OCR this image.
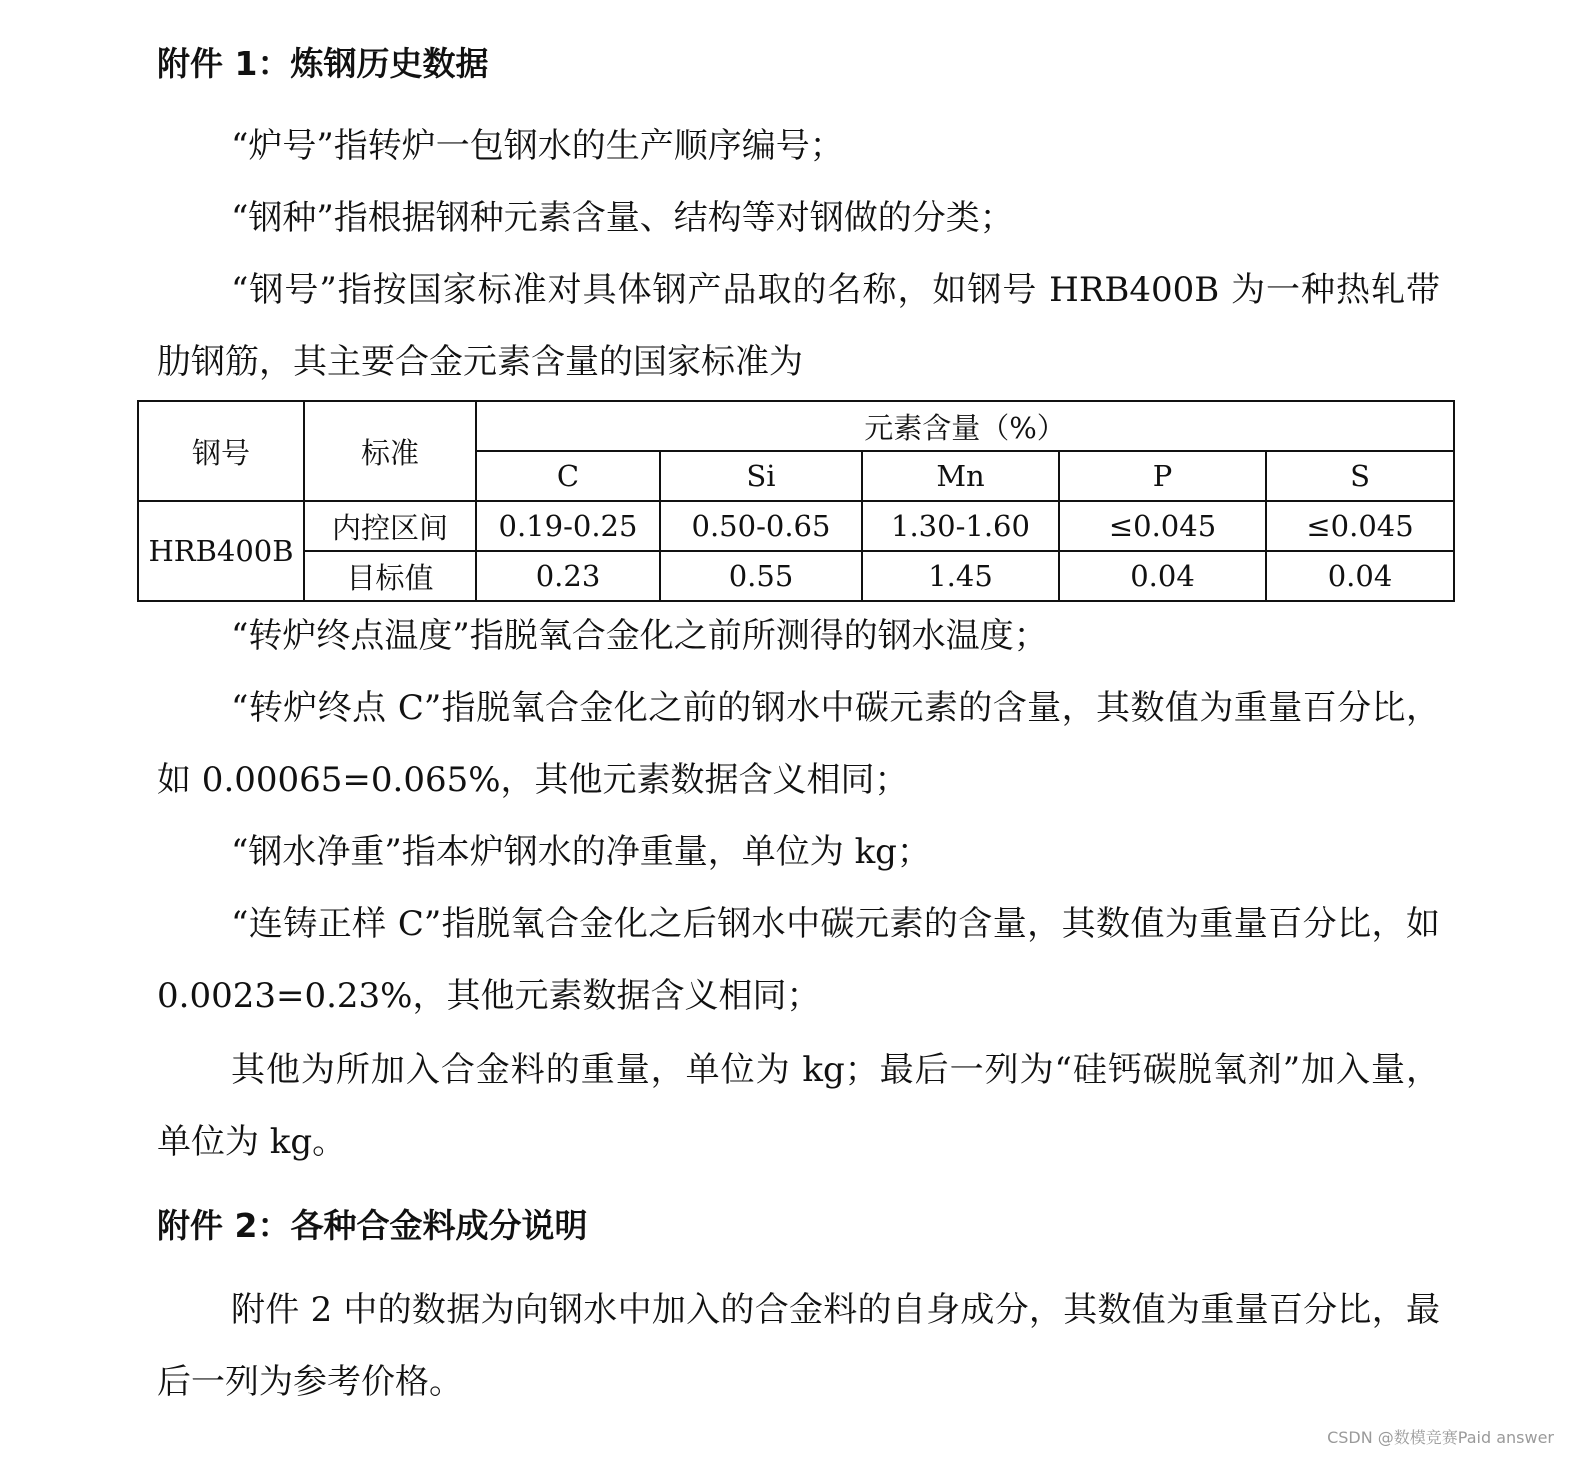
附件 1：炼钢历史数据
“炉号”指转炉一包钢水的生产顺序编号；
“钢种”指根据钢种元素含量、结构等对钢做的分类；
“钢号”指按国家标准对具体钢产品取的名称，如钢号 HRB400B 为一种热轧带肋钢筋，其主要合金元素含量的国家标准为
钢号	标准	元素含量（%）				
		C	Si	Mn	P	S
HRB400B	内控区间	0.19-0.25	0.50-0.65	1.30-1.60	≤0.045	≤0.045
	目标值	0.23	0.55	1.45	0.04	0.04
“转炉终点温度”指脱氧合金化之前所测得的钢水温度；
“转炉终点 C”指脱氧合金化之前的钢水中碳元素的含量，其数值为重量百分比，如 0.00065=0.065%，其他元素数据含义相同；
“钢水净重”指本炉钢水的净重量，单位为 kg；
“连铸正样 C”指脱氧合金化之后钢水中碳元素的含量，其数值为重量百分比，如 0.0023=0.23%，其他元素数据含义相同；
其他为所加入合金料的重量，单位为 kg；最后一列为“硅钙碳脱氧剂”加入量，单位为 kg。
附件 2：各种合金料成分说明
附件 2 中的数据为向钢水中加入的合金料的自身成分，其数值为重量百分比，最后一列为参考价格。
CSDN @数模竞赛Paid answer
